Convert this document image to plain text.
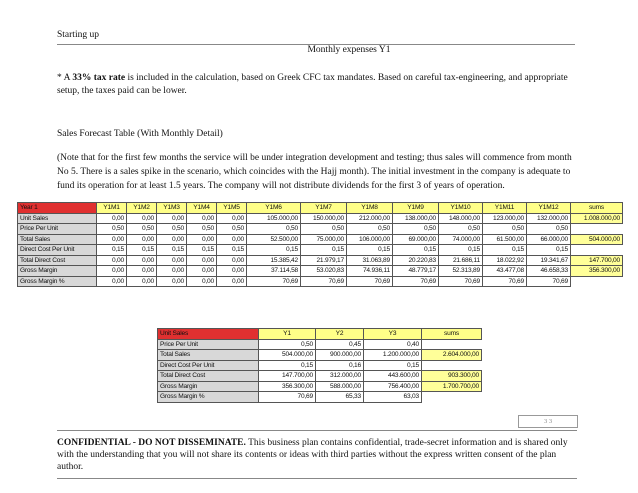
Starting up
Monthly expenses Y1
* A 33% tax rate is included in the calculation, based on Greek CFC tax mandates. Based on careful tax-engineering, and appropriate setup, the taxes paid can be lower.
Sales Forecast Table (With Monthly Detail)
(Note that for the first few months the service will be under integration development and testing; thus sales will commence from month No 5. There is a sales spike in the scenario, which coincides with the Hajj month). The initial investment in the company is adequate to fund its operation for at least 1.5 years. The company will not distribute dividends for the first 3 of years of operation.
Year 1	Y1M1	Y1M2	Y1M3	Y1M4	Y1M5	Y1M6	Y1M7	Y1M8	Y1M9	Y1M10	Y1M11	Y1M12	sums
Unit Sales	0,00	0,00	0,00	0,00	0,00	105.000,00	150.000,00	212.000,00	138.000,00	148.000,00	123.000,00	132.000,00	1.008.000,00
Price Per Unit	0,50	0,50	0,50	0,50	0,50	0,50	0,50	0,50	0,50	0,50	0,50	0,50	
Total Sales	0,00	0,00	0,00	0,00	0,00	52.500,00	75.000,00	106.000,00	69.000,00	74.000,00	61.500,00	66.000,00	504.000,00
Direct Cost Per Unit	0,15	0,15	0,15	0,15	0,15	0,15	0,15	0,15	0,15	0,15	0,15	0,15	
Total Direct Cost	0,00	0,00	0,00	0,00	0,00	15.385,42	21.979,17	31.063,89	20.220,83	21.686,11	18.022,92	19.341,67	147.700,00
Gross Margin	0,00	0,00	0,00	0,00	0,00	37.114,58	53.020,83	74.936,11	48.779,17	52.313,89	43.477,08	46.658,33	356.300,00
Gross Margin %	0,00	0,00	0,00	0,00	0,00	70,69	70,69	70,69	70,69	70,69	70,69	70,69	
Unit Sales	Y1	Y2	Y3	sums
Price Per Unit	0,50	0,45	0,40	
Total Sales	504.000,00	900.000,00	1.200.000,00	2.604.000,00
Direct Cost Per Unit	0,15	0,16	0,15	
Total Direct Cost	147.700,00	312.000,00	443.600,00	903.300,00
Gross Margin	356.300,00	588.000,00	756.400,00	1.700.700,00
Gross Margin %	70,69	65,33	63,03	
3 3
CONFIDENTIAL - DO NOT DISSEMINATE. This business plan contains confidential, trade-secret information and is shared only with the understanding that you will not share its contents or ideas with third parties without the express written consent of the plan author.
